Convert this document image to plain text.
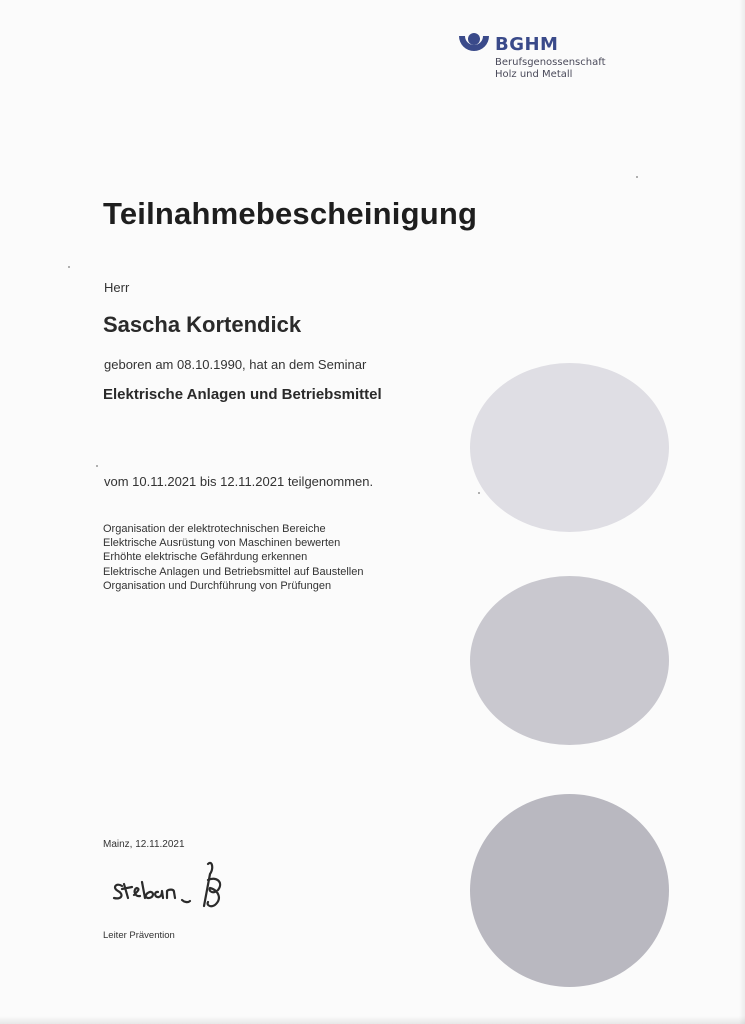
BGHM
Berufsgenossenschaft
Holz und Metall
Teilnahmebescheinigung
Herr
Sascha Kortendick
geboren am 08.10.1990, hat an dem Seminar
Elektrische Anlagen und Betriebsmittel
vom 10.11.2021 bis 12.11.2021 teilgenommen.
Organisation der elektrotechnischen Bereiche
Elektrische Ausrüstung von Maschinen bewerten
Erhöhte elektrische Gefährdung erkennen
Elektrische Anlagen und Betriebsmittel auf Baustellen
Organisation und Durchführung von Prüfungen
Mainz, 12.11.2021
Leiter Prävention
